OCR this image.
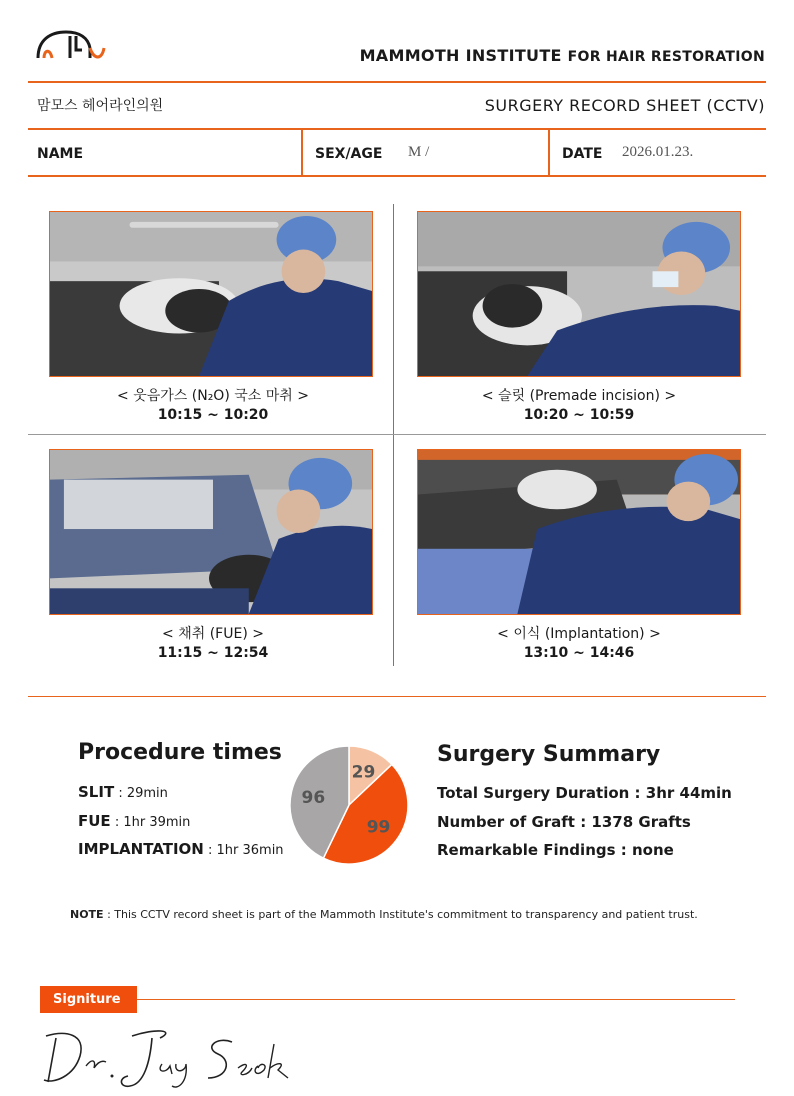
MAMMOTH INSTITUTE FOR HAIR RESTORATION
맘모스 헤어라인의원	SURGERY RECORD SHEET (CCTV)
NAME	SEX/AGE M /	DATE 2026.01.23.
< 웃음가스 (N₂O) 국소 마취 >
10:15 ~ 10:20
< 슬릿 (Premade incision) >
10:20 ~ 10:59
< 채취 (FUE) >
11:15 ~ 12:54
< 이식 (Implantation) >
13:10 ~ 14:46
Procedure times
SLIT : 29min
FUE : 1hr 39min
IMPLANTATION : 1hr 36min
29
99
96
Surgery Summary
Total Surgery Duration : 3hr 44min
Number of Graft : 1378 Grafts
Remarkable Findings : none
NOTE : This CCTV record sheet is part of the Mammoth Institute's commitment to transparency and patient trust.
Signiture
